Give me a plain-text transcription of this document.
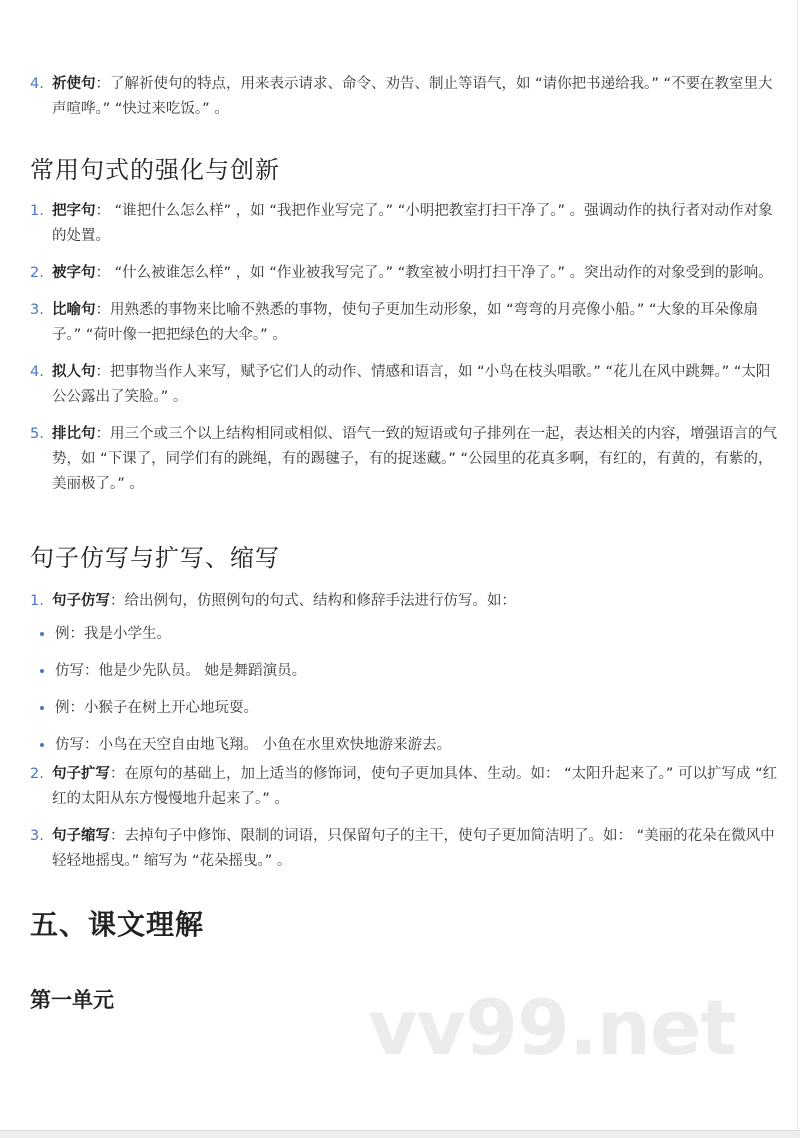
4. 祈使句：了解祈使句的特点，用来表示请求、命令、劝告、制止等语气，如 “请你把书递给我。” “不要在教室里大声喧哗。” “快过来吃饭。” 。
常用句式的强化与创新
1. 把字句： “谁把什么怎么样” ，如 “我把作业写完了。” “小明把教室打扫干净了。” 。强调动作的执行者对动作对象的处置。
2. 被字句： “什么被谁怎么样” ，如 “作业被我写完了。” “教室被小明打扫干净了。” 。突出动作的对象受到的影响。
3. 比喻句：用熟悉的事物来比喻不熟悉的事物，使句子更加生动形象，如 “弯弯的月亮像小船。” “大象的耳朵像扇子。” “荷叶像一把把绿色的大伞。” 。
4. 拟人句：把事物当作人来写，赋予它们人的动作、情感和语言，如 “小鸟在枝头唱歌。” “花儿在风中跳舞。” “太阳公公露出了笑脸。” 。
5. 排比句：用三个或三个以上结构相同或相似、语气一致的短语或句子排列在一起，表达相关的内容，增强语言的气势，如 “下课了，同学们有的跳绳，有的踢毽子，有的捉迷藏。” “公园里的花真多啊，有红的，有黄的，有紫的，美丽极了。” 。
句子仿写与扩写、缩写
1. 句子仿写：给出例句，仿照例句的句式、结构和修辞手法进行仿写。如：
例：我是小学生。
仿写：他是少先队员。 她是舞蹈演员。
例：小猴子在树上开心地玩耍。
仿写：小鸟在天空自由地飞翔。 小鱼在水里欢快地游来游去。
2. 句子扩写：在原句的基础上，加上适当的修饰词，使句子更加具体、生动。如： “太阳升起来了。” 可以扩写成 “红红的太阳从东方慢慢地升起来了。” 。
3. 句子缩写：去掉句子中修饰、限制的词语，只保留句子的主干，使句子更加简洁明了。如： “美丽的花朵在微风中轻轻地摇曳。” 缩写为 “花朵摇曳。” 。
五、课文理解
第一单元	vv99.net
